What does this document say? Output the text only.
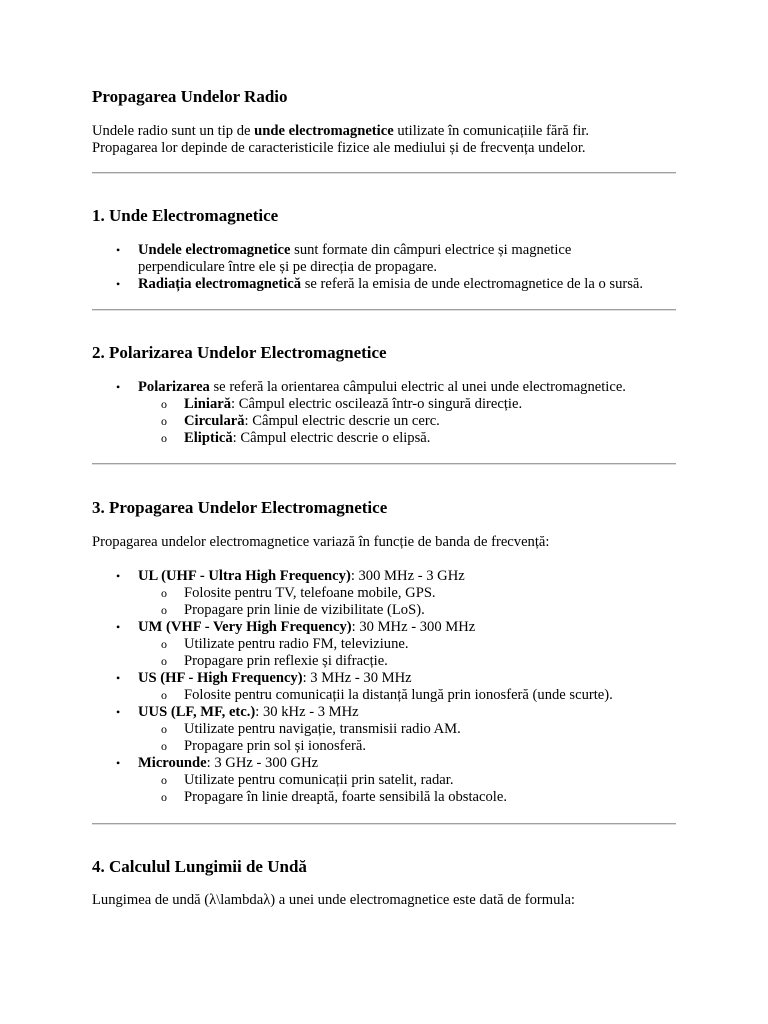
Propagarea Undelor Radio

Undele radio sunt un tip de unde electromagnetice utilizate în comunicațiile fără fir.

Propagarea lor depinde de caracteristicile fizice ale mediului și de frecvența undelor.

1. Unde Electromagnetice
• Undele electromagnetice sunt formate din câmpuri electrice și magnetice
perpendiculare între ele și pe direcția de propagare.
• Radiația electromagnetică se referă la emisia de unde electromagnetice de la o sursă.
2. Polarizarea Undelor Electromagnetice
• Polarizarea se referă la orientarea câmpului electric al unei unde electromagnetice.
o Liniară: Câmpul electric oscilează într-o singură direcție.
o Circulară: Câmpul electric descrie un cerc.
o Eliptică: Câmpul electric descrie o elipsă.
3. Propagarea Undelor Electromagnetice

Propagarea undelor electromagnetice variază în funcție de banda de frecvență:

• UL (UHF - Ultra High Frequency): 300 MHz - 3 GHz
o Folosite pentru TV, telefoane mobile, GPS.
o Propagare prin linie de vizibilitate (LoS).
• UM (VHF - Very High Frequency): 30 MHz - 300 MHz
o Utilizate pentru radio FM, televiziune.
o Propagare prin reflexie și difracție.
• US (HF - High Frequency): 3 MHz - 30 MHz
o Folosite pentru comunicații la distanță lungă prin ionosferă (unde scurte).
• UUS (LF, MF, etc.): 30 kHz - 3 MHz
o Utilizate pentru navigație, transmisii radio AM.
o Propagare prin sol și ionosferă.
• Microunde: 3 GHz - 300 GHz
o Utilizate pentru comunicații prin satelit, radar.
o Propagare în linie dreaptă, foarte sensibilă la obstacole.
4. Calculul Lungimii de Undă

Lungimea de undă (λ\lambdaλ) a unei unde electromagnetice este dată de formula:
